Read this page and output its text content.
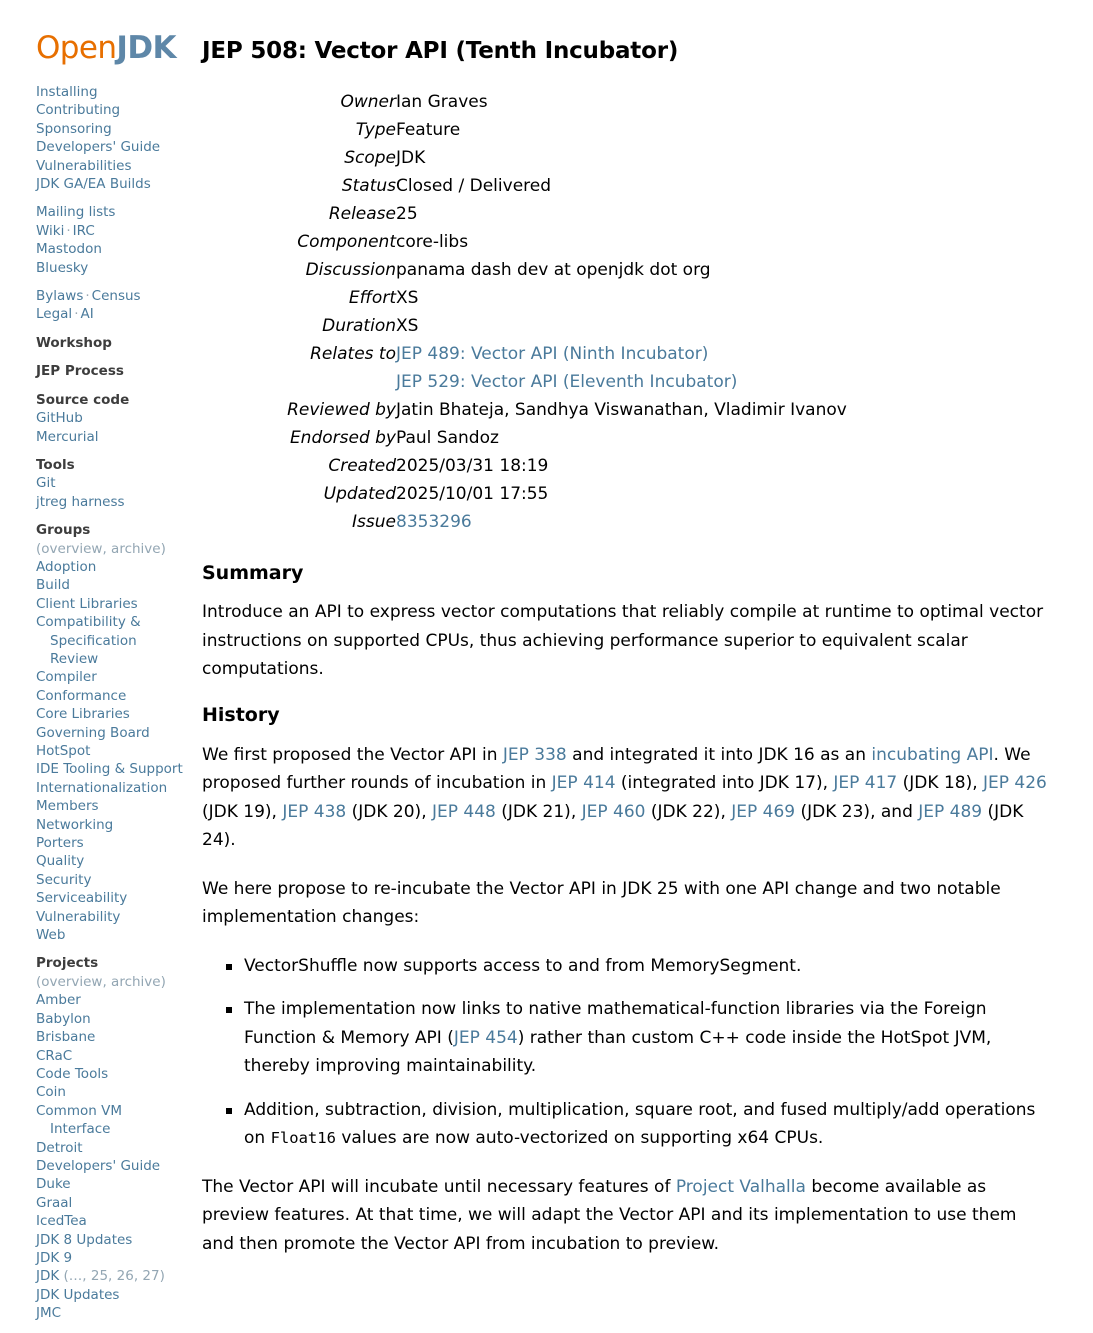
OpenJDK
Installing
Contributing
Sponsoring
Developers' Guide
Vulnerabilities
JDK GA/EA Builds
Mailing lists
Wiki · IRC
Mastodon
Bluesky
Bylaws · Census
Legal · AI
Workshop
JEP Process
Source code
GitHub
Mercurial
Tools
Git
jtreg harness
Groups
(overview, archive)
Adoption
Build
Client Libraries
Compatibility &
Specification
Review
Compiler
Conformance
Core Libraries
Governing Board
HotSpot
IDE Tooling & Support
Internationalization
Members
Networking
Porters
Quality
Security
Serviceability
Vulnerability
Web
Projects
(overview, archive)
Amber
Babylon
Brisbane
CRaC
Code Tools
Coin
Common VM
Interface
Detroit
Developers' Guide
Duke
Graal
IcedTea
JDK 8 Updates
JDK 9
JDK (…, 25, 26, 27)
JDK Updates
JMC
JEP 508: Vector API (Tenth Incubator)
Owner	Ian Graves
Type	Feature
Scope	JDK
Status	Closed / Delivered
Release	25
Component	core-libs
Discussion	panama dash dev at openjdk dot org
Effort	XS
Duration	XS
Relates to	JEP 489: Vector API (Ninth Incubator)
JEP 529: Vector API (Eleventh Incubator)

Reviewed by	Jatin Bhateja, Sandhya Viswanathan, Vladimir Ivanov
Endorsed by	Paul Sandoz
Created	2025/03/31 18:19
Updated	2025/10/01 17:55
Issue	8353296
Summary

Introduce an API to express vector computations that reliably compile at runtime to optimal vector instructions on supported CPUs, thus achieving performance superior to equivalent scalar computations.

History

We first proposed the Vector API in JEP 338 and integrated it into JDK 16 as an incubating API. We proposed further rounds of incubation in JEP 414 (integrated into JDK 17), JEP 417 (JDK 18), JEP 426 (JDK 19), JEP 438 (JDK 20), JEP 448 (JDK 21), JEP 460 (JDK 22), JEP 469 (JDK 23), and JEP 489 (JDK 24).

We here propose to re-incubate the Vector API in JDK 25 with one API change and two notable implementation changes:

VectorShuffle now supports access to and from MemorySegment.
The implementation now links to native mathematical-function libraries via the Foreign Function & Memory API (JEP 454) rather than custom C++ code inside the HotSpot JVM, thereby improving maintainability.
Addition, subtraction, division, multiplication, square root, and fused multiply/add operations on Float16 values are now auto-vectorized on supporting x64 CPUs.

The Vector API will incubate until necessary features of Project Valhalla become available as preview features. At that time, we will adapt the Vector API and its implementation to use them and then promote the Vector API from incubation to preview.
